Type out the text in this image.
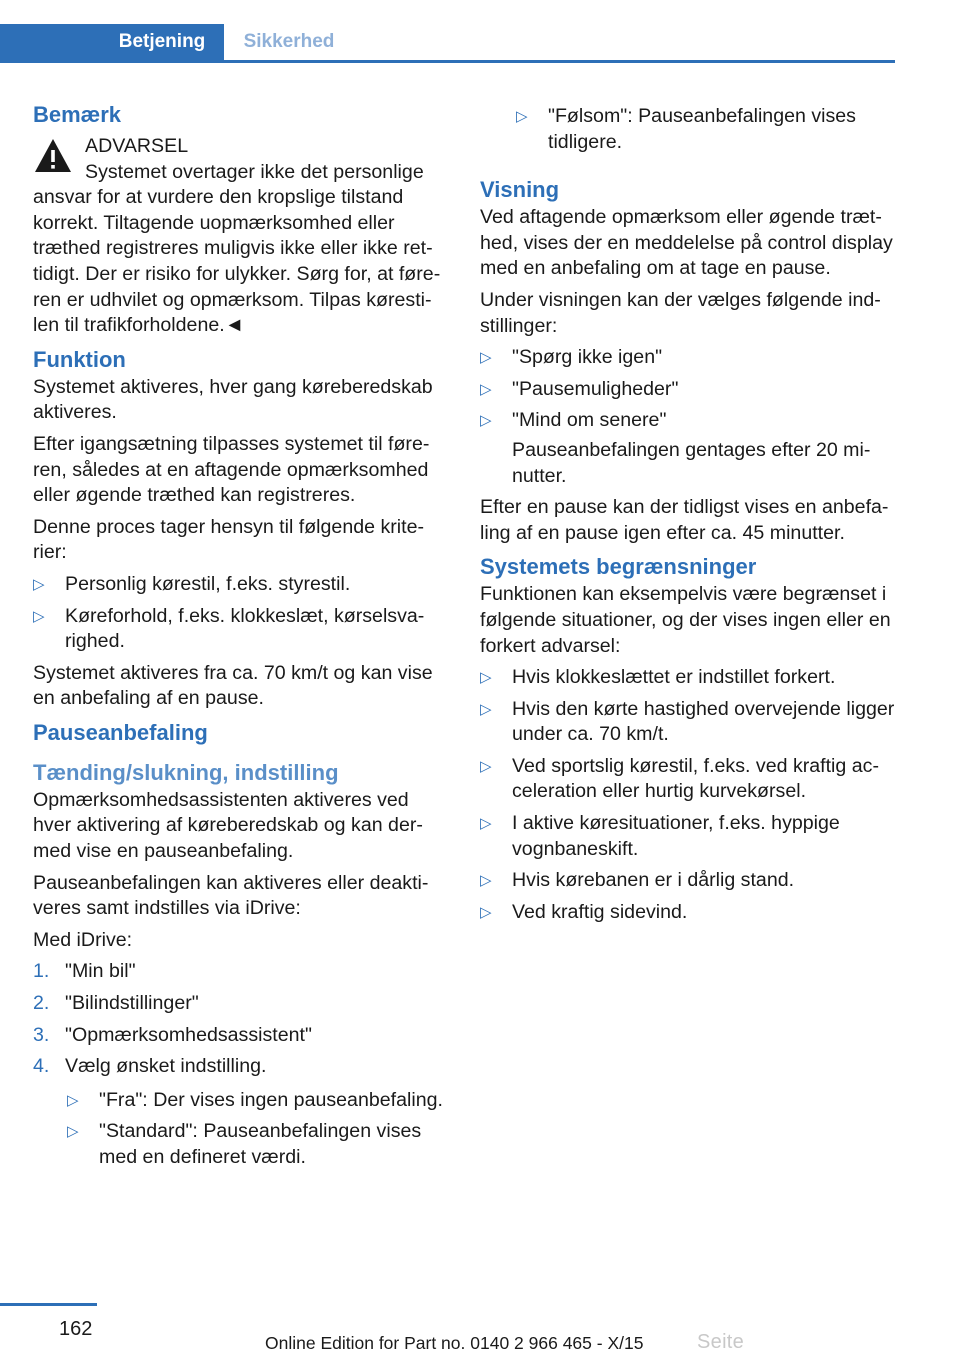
Betjening Sikkerhed
Bemærk
ADVARSEL

Systemet overtager ikke det personlige ansvar for at vurdere den kropslige tilstand korrekt. Tiltagende uopmærksomhed eller træthed registreres muligvis ikke eller ikke rettidigt. Der er risiko for ulykker. Sørg for, at føreren er udhvilet og opmærksom. Tilpas kørestilen til trafikforholdene.◄

Funktion

Systemet aktiveres, hver gang køreberedskab aktiveres.

Efter igangsætning tilpasses systemet til føreren, således at en aftagende opmærksomhed eller øgende træthed kan registreres.

Denne proces tager hensyn til følgende kriterier:

▷ Personlig kørestil, f.eks. styrestil.
▷ Køreforhold, f.eks. klokkeslæt, kørselsvarighed.

Systemet aktiveres fra ca. 70 km/t og kan vise en anbefaling af en pause.

Pauseanbefaling
Tænding/slukning, indstilling

Opmærksomhedsassistenten aktiveres ved hver aktivering af køreberedskab og kan dermed vise en pauseanbefaling.

Pauseanbefalingen kan aktiveres eller deaktiveres samt indstilles via iDrive:

Med iDrive:

1. "Min bil"
2. "Bilindstillinger"
3. "Opmærksomhedsassistent"
4. Vælg ønsket indstilling.
▷ "Fra": Der vises ingen pauseanbefaling.
▷ "Standard": Pauseanbefalingen vises med en defineret værdi.
▷ "Følsom": Pauseanbefalingen vises tidligere.
Visning

Ved aftagende opmærksom eller øgende træthed, vises der en meddelelse på control display med en anbefaling om at tage en pause.

Under visningen kan der vælges følgende indstillinger:

▷ "Spørg ikke igen"
▷ "Pausemuligheder"
▷ "Mind om senere"

Pauseanbefalingen gentages efter 20 minutter.

Efter en pause kan der tidligst vises en anbefaling af en pause igen efter ca. 45 minutter.

Systemets begrænsninger

Funktionen kan eksempelvis være begrænset i følgende situationer, og der vises ingen eller en forkert advarsel:

▷ Hvis klokkeslættet er indstillet forkert.
▷ Hvis den kørte hastighed overvejende ligger under ca. 70 km/t.
▷ Ved sportslig kørestil, f.eks. ved kraftig acceleration eller hurtig kurvekørsel.
▷ I aktive køresituationer, f.eks. hyppige vognbaneskift.
▷ Hvis kørebanen er i dårlig stand.
▷ Ved kraftig sidevind.
162
Online Edition for Part no. 0140 2 966 465 - X/15	Seite
